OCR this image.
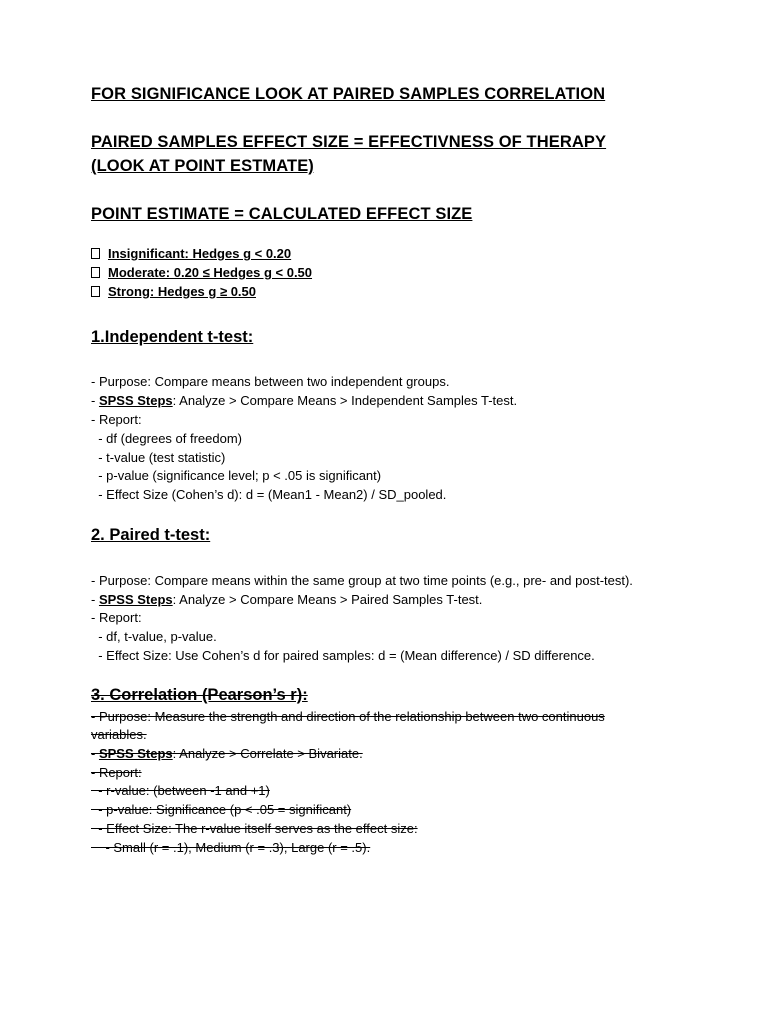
FOR SIGNIFICANCE LOOK AT PAIRED SAMPLES CORRELATION
PAIRED SAMPLES EFFECT SIZE = EFFECTIVNESS OF THERAPY
(LOOK AT POINT ESTMATE)
POINT ESTIMATE = CALCULATED EFFECT SIZE
Insignificant: Hedges g < 0.20
Moderate: 0.20 ≤ Hedges g < 0.50
Strong: Hedges g ≥ 0.50
1.Independent t-test:
- Purpose: Compare means between two independent groups.
- SPSS Steps: Analyze > Compare Means > Independent Samples T-test.
- Report:
- df (degrees of freedom)
- t-value (test statistic)
- p-value (significance level; p < .05 is significant)
- Effect Size (Cohen’s d): d = (Mean1 - Mean2) / SD_pooled.
2. Paired t-test:
- Purpose: Compare means within the same group at two time points (e.g., pre- and post-test).
- SPSS Steps: Analyze > Compare Means > Paired Samples T-test.
- Report:
- df, t-value, p-value.
- Effect Size: Use Cohen’s d for paired samples: d = (Mean difference) / SD difference.
3. Correlation (Pearson’s r):
- Purpose: Measure the strength and direction of the relationship between two continuous
variables.
- SPSS Steps: Analyze > Correlate > Bivariate.
- Report:
- r-value: (between -1 and +1)
- p-value: Significance (p < .05 = significant)
- Effect Size: The r-value itself serves as the effect size:
- Small (r = .1), Medium (r = .3), Large (r = .5).
